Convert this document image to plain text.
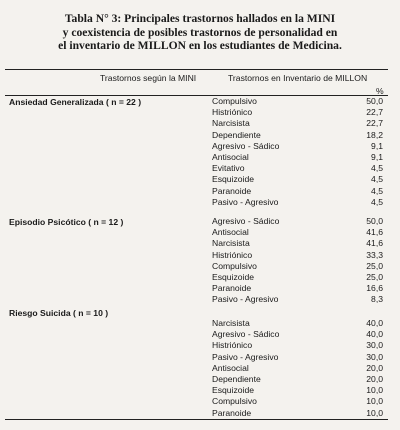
Tabla N° 3: Principales trastornos hallados en la MINI
y coexistencia de posibles trastornos de personalidad en
el inventario de MILLON en los estudiantes de Medicina.
Trastornos según la MINI	Trastornos en Inventario de MILLON
%
Ansiedad Generalizada ( n = 22 )	Compulsivo	50,0
Histriónico	22,7
Narcisista	22,7
Dependiente	18,2
Agresivo - Sádico	9,1
Antisocial	9,1
Evitativo	4,5
Esquizoide	4,5
Paranoide	4,5
Pasivo - Agresivo	4,5
Episodio Psicótico ( n = 12 )	Agresivo - Sádico	50,0
Antisocial	41,6
Narcisista	41,6
Histriónico	33,3
Compulsivo	25,0
Esquizoide	25,0
Paranoide	16,6
Pasivo - Agresivo	8,3
Riesgo Suicida ( n = 10 )
Narcisista	40,0
Agresivo - Sádico	40,0
Histriónico	30,0
Pasivo - Agresivo	30,0
Antisocial	20,0
Dependiente	20,0
Esquizoide	10,0
Compulsivo	10,0
Paranoide	10,0
